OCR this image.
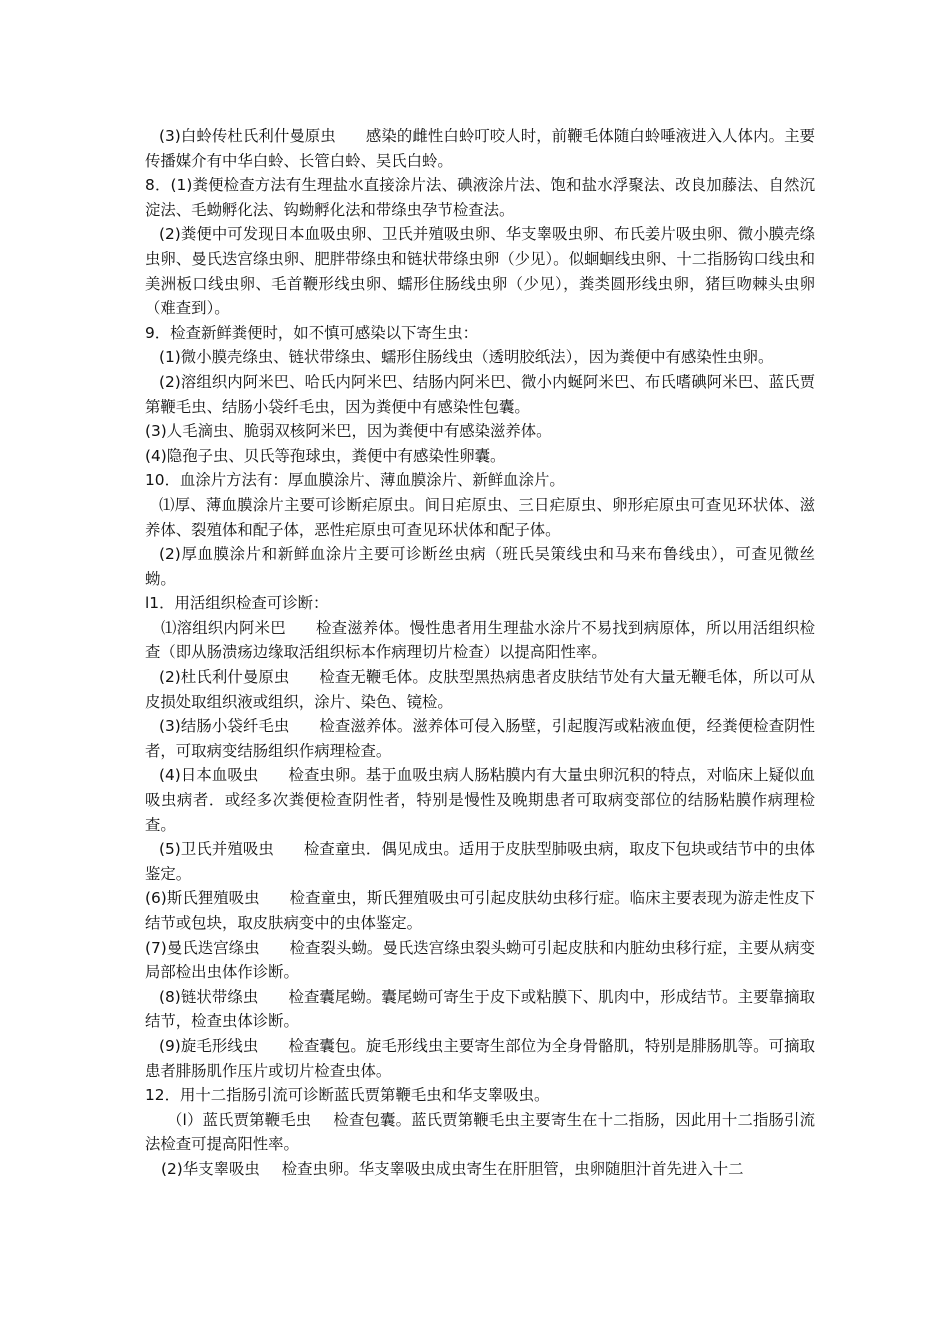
(3)白蛉传杜氏利什曼原虫 感染的雌性白蛉叮咬人时，前鞭毛体随白蛉唾液进入人体内。主要传播媒介有中华白蛉、长管白蛉、吴氏白蛉。

8．(1)粪便检查方法有生理盐水直接涂片法、碘液涂片法、饱和盐水浮聚法、改良加藤法、自然沉淀法、毛蚴孵化法、钩蚴孵化法和带绦虫孕节检查法。

(2)粪便中可发现日本血吸虫卵、卫氏并殖吸虫卵、华支睾吸虫卵、布氏姜片吸虫卵、微小膜壳绦虫卵、曼氏迭宫绦虫卵、肥胖带绦虫和链状带绦虫卵（少见）。似蛔蛔线虫卵、十二指肠钩口线虫和美洲板口线虫卵、毛首鞭形线虫卵、蠕形住肠线虫卵（少见），粪类圆形线虫卵，猪巨吻棘头虫卵（难查到）。

9．检查新鲜粪便时，如不慎可感染以下寄生虫：

(1)微小膜壳绦虫、链状带绦虫、蠕形住肠线虫（透明胶纸法），因为粪便中有感染性虫卵。

(2)溶组织内阿米巴、哈氏内阿米巴、结肠内阿米巴、微小内蜒阿米巴、布氏嗜碘阿米巴、蓝氏贾第鞭毛虫、结肠小袋纤毛虫，因为粪便中有感染性包囊。

(3)人毛滴虫、脆弱双核阿米巴，因为粪便中有感染滋养体。

(4)隐孢子虫、贝氏等孢球虫，粪便中有感染性卵囊。

10．血涂片方法有：厚血膜涂片、薄血膜涂片、新鲜血涂片。

⑴厚、薄血膜涂片主要可诊断疟原虫。间日疟原虫、三日疟原虫、卵形疟原虫可查见环状体、滋养体、裂殖体和配子体，恶性疟原虫可查见环状体和配子体。

(2)厚血膜涂片和新鲜血涂片主要可诊断丝虫病（班氏吴策线虫和马来布鲁线虫），可查见微丝蚴。

l1．用活组织检查可诊断：

⑴溶组织内阿米巴 检查滋养体。慢性患者用生理盐水涂片不易找到病原体，所以用活组织检查（即从肠溃疡边缘取活组织标本作病理切片检查）以提高阳性率。

(2)杜氏利什曼原虫 检查无鞭毛体。皮肤型黑热病患者皮肤结节处有大量无鞭毛体，所以可从皮损处取组织液或组织，涂片、染色、镜检。

(3)结肠小袋纤毛虫 检查滋养体。滋养体可侵入肠壁，引起腹泻或粘液血便，经粪便检查阴性者，可取病变结肠组织作病理检查。

(4)日本血吸虫 检查虫卵。基于血吸虫病人肠粘膜内有大量虫卵沉积的特点，对临床上疑似血吸虫病者．或经多次粪便检查阴性者，特别是慢性及晚期患者可取病变部位的结肠粘膜作病理检查。

(5)卫氏并殖吸虫 检查童虫．偶见成虫。适用于皮肤型肺吸虫病，取皮下包块或结节中的虫体鉴定。

(6)斯氏狸殖吸虫 检查童虫，斯氏狸殖吸虫可引起皮肤幼虫移行症。临床主要表现为游走性皮下结节或包块，取皮肤病变中的虫体鉴定。

(7)曼氏迭宫绦虫 检查裂头蚴。曼氏迭宫绦虫裂头蚴可引起皮肤和内脏幼虫移行症，主要从病变局部检出虫体作诊断。

(8)链状带绦虫 检查囊尾蚴。囊尾蚴可寄生于皮下或粘膜下、肌肉中，形成结节。主要靠摘取结节，检查虫体诊断。

(9)旋毛形线虫 检查囊包。旋毛形线虫主要寄生部位为全身骨骼肌，特别是腓肠肌等。可摘取患者腓肠肌作压片或切片检查虫体。

12．用十二指肠引流可诊断蓝氏贾第鞭毛虫和华支睾吸虫。

（l）蓝氏贾第鞭毛虫 检查包囊。蓝氏贾第鞭毛虫主要寄生在十二指肠，因此用十二指肠引流法检查可提高阳性率。

(2)华支睾吸虫 检查虫卵。华支睾吸虫成虫寄生在肝胆管，虫卵随胆汁首先进入十二
